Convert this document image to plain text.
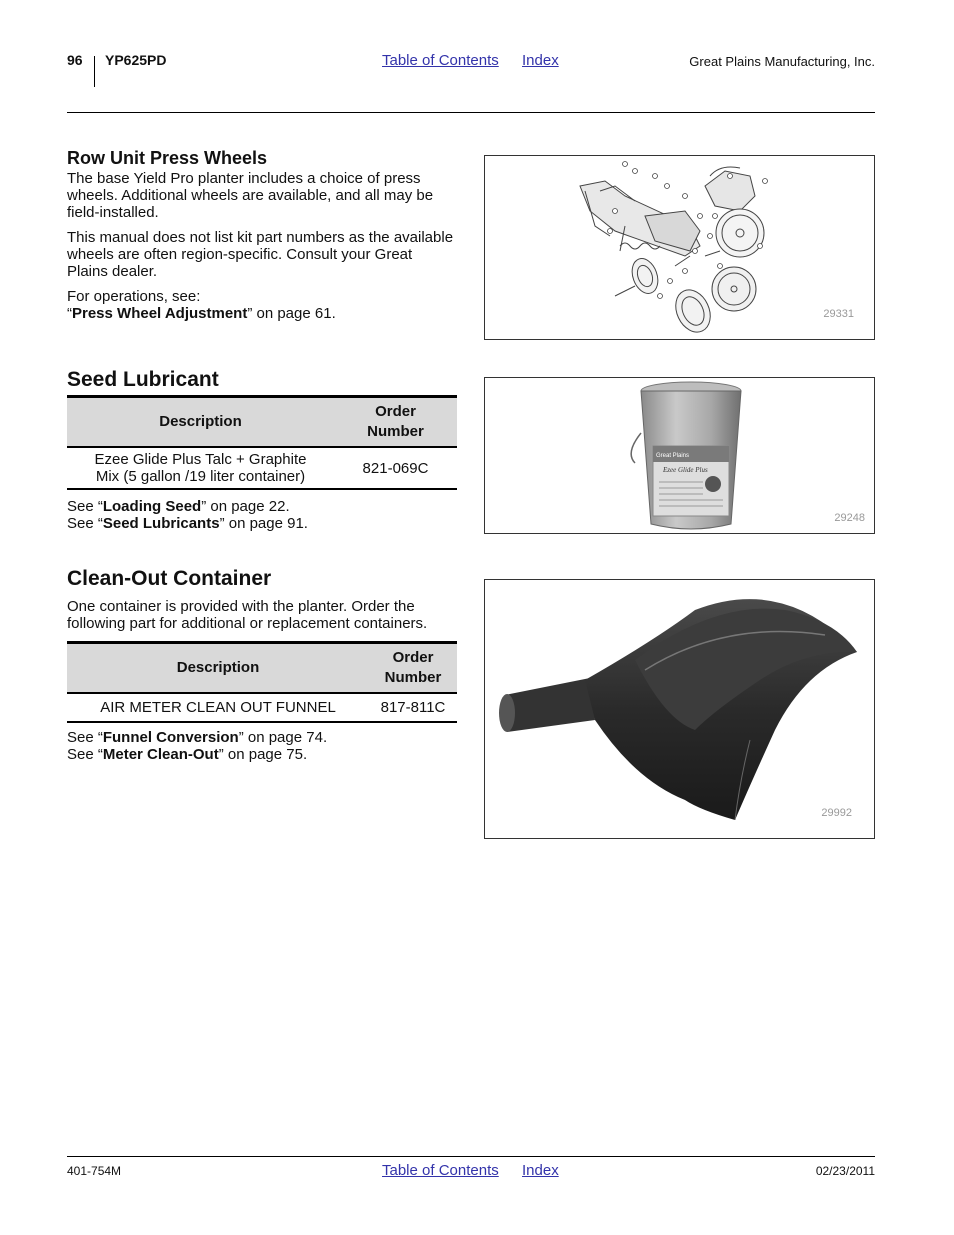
96 YP625PD	Table of Contents Index	Great Plains Manufacturing, Inc.
Row Unit Press Wheels

The base Yield Pro planter includes a choice of press wheels. Additional wheels are available, and all may be field-installed.

This manual does not list kit part numbers as the available wheels are often region-specific. Consult your Great Plains dealer.

For operations, see:

“Press Wheel Adjustment” on page 61.	29331
Seed Lubricant
Description	Order
Number
Ezee Glide Plus Talc + Graphite
Mix (5 gallon /19 liter container)	821-069C

See “Loading Seed” on page 22.

See “Seed Lubricants” on page 91.

Great Plains
Ezee Glide Plus
29248
Clean-Out Container

One container is provided with the planter. Order the following part for additional or replacement containers.

Description	Order
Number
AIR METER CLEAN OUT FUNNEL	817-811C

See “Funnel Conversion” on page 74.

See “Meter Clean-Out” on page 75.

29992
401-754M	Table of Contents Index	02/23/2011
